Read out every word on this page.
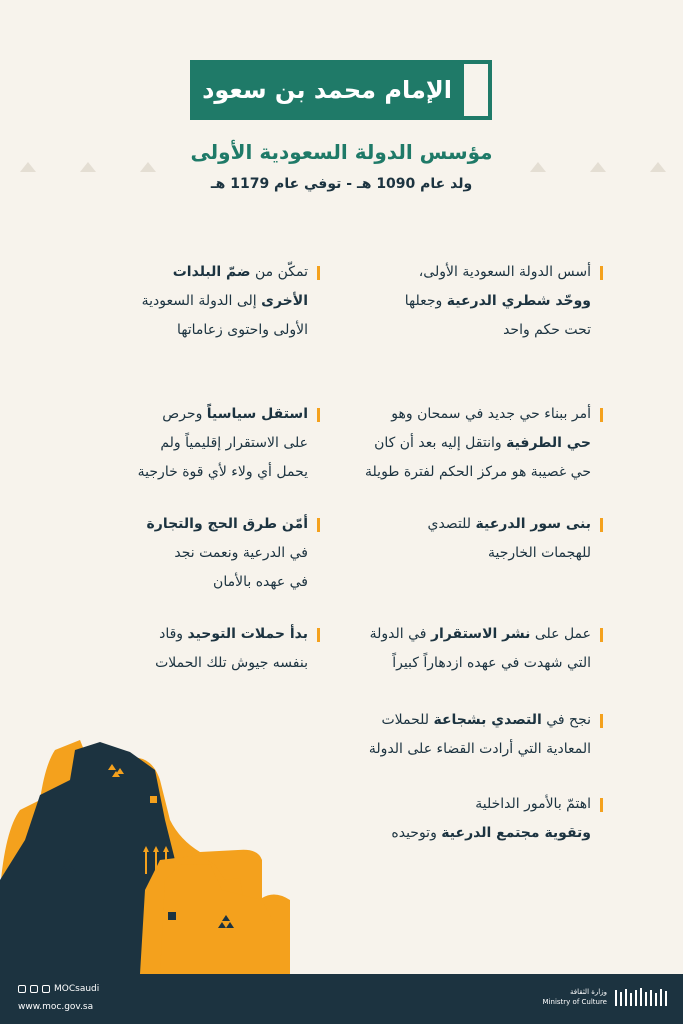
الإمام محمد بن سعود
مؤسس الدولة السعودية الأولى
ولد عام 1090 هـ - توفي عام 1179 هـ
أسس الدولة السعودية الأولى،
ووحّد شطري الدرعية وجعلها
تحت حكم واحد
أمر ببناء حي جديد في سمحان وهو
حي الطرفية وانتقل إليه بعد أن كان
حي غصيبة هو مركز الحكم لفترة طويلة
بنى سور الدرعية للتصدي
للهجمات الخارجية
عمل على نشر الاستقرار في الدولة
التي شهدت في عهده ازدهاراً كبيراً
نجح في التصدي بشجاعة للحملات
المعادية التي أرادت القضاء على الدولة
اهتمّ بالأمور الداخلية
وتقوية مجتمع الدرعية وتوحيده
تمكّن من ضمّ البلدات
الأخرى إلى الدولة السعودية
الأولى واحتوى زعاماتها
استقل سياسياً وحرص
على الاستقرار إقليمياً ولم
يحمل أي ولاء لأي قوة خارجية
أمّن طرق الحج والتجارة
في الدرعية ونعمت نجد
في عهده بالأمان
بدأ حملات التوحيد وقاد
بنفسه جيوش تلك الحملات
MOCsaudi
www.moc.gov.sa
وزارة الثقافة
Ministry of Culture
